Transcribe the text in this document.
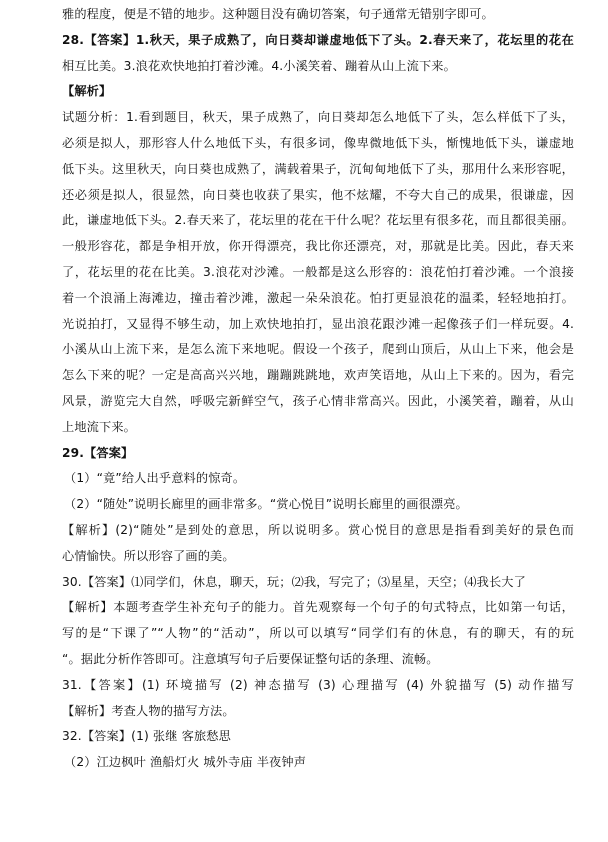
雅的程度，便是不错的地步。这种题目没有确切答案，句子通常无错别字即可。
28.【答案】1.秋天，果子成熟了，向日葵却谦虚地低下了头。2.春天来了，花坛里的花在
相互比美。3.浪花欢快地拍打着沙滩。4.小溪笑着、蹦着从山上流下来。
【解析】
试题分析：1.看到题目，秋天，果子成熟了，向日葵却怎么地低下了头，怎么样低下了头，
必须是拟人，那形容人什么地低下头，有很多词，像卑微地低下头，惭愧地低下头，谦虚地
低下头。这里秋天，向日葵也成熟了，满载着果子，沉甸甸地低下了头，那用什么来形容呢，
还必须是拟人，很显然，向日葵也收获了果实，他不炫耀，不夸大自己的成果，很谦虚，因
此，谦虚地低下头。2.春天来了，花坛里的花在干什么呢？花坛里有很多花，而且都很美丽。
一般形容花，都是争相开放，你开得漂亮，我比你还漂亮，对，那就是比美。因此，春天来
了，花坛里的花在比美。3.浪花对沙滩。一般都是这么形容的：浪花怕打着沙滩。一个浪接
着一个浪涌上海滩边，撞击着沙滩，激起一朵朵浪花。怕打更显浪花的温柔，轻轻地拍打。
光说拍打，又显得不够生动，加上欢快地拍打，显出浪花跟沙滩一起像孩子们一样玩耍。4.
小溪从山上流下来，是怎么流下来地呢。假设一个孩子，爬到山顶后，从山上下来，他会是
怎么下来的呢？一定是高高兴兴地，蹦蹦跳跳地，欢声笑语地，从山上下来的。因为，看完
风景，游览完大自然，呼吸完新鲜空气，孩子心情非常高兴。因此，小溪笑着，蹦着，从山
上地流下来。
29.【答案】
（1）“竟”给人出乎意料的惊奇。
（2）“随处”说明长廊里的画非常多。“赏心悦目”说明长廊里的画很漂亮。
【解析】(2)“随处”是到处的意思，所以说明多。赏心悦目的意思是指看到美好的景色而
心情愉快。所以形容了画的美。
30.【答案】⑴同学们，休息，聊天，玩；⑵我，写完了；⑶星星，天空；⑷我长大了
【解析】本题考查学生补充句子的能力。首先观察每一个句子的句式特点，比如第一句话，
写的是“下课了”“人物”的“活动”，所以可以填写“同学们有的休息，有的聊天，有的玩
“。据此分析作答即可。注意填写句子后要保证整句话的条理、流畅。
31.【答案】(1) 环境描写 (2) 神态描写 (3) 心理描写 (4) 外貌描写 (5) 动作描写
【解析】考查人物的描写方法。
32.【答案】(1) 张继 客旅愁思
（2）江边枫叶 渔船灯火 城外寺庙 半夜钟声
